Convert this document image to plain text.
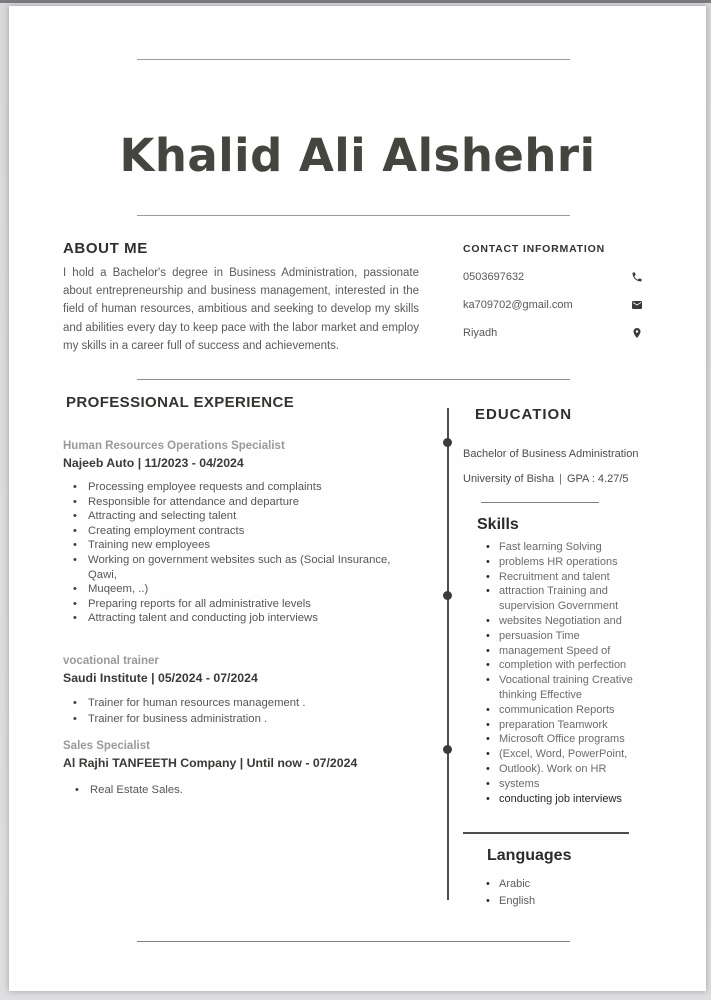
Khalid Ali Alshehri
ABOUT ME

I hold a Bachelor's degree in Business Administration, passionate about entrepreneurship and business management, interested in the field of human resources, ambitious and seeking to develop my skills and abilities every day to keep pace with the labor market and employ my skills in a career full of success and achievements.

CONTACT INFORMATION
0503697632
ka709702@gmail.com
Riyadh
PROFESSIONAL EXPERIENCE

Human Resources Operations Specialist

Najeeb Auto | 11/2023 - 04/2024

• Processing employee requests and complaints
• Responsible for attendance and departure
• Attracting and selecting talent
• Creating employment contracts
• Training new employees
• Working on government websites such as (Social Insurance, Qawi,
• Muqeem, ..)
• Preparing reports for all administrative levels
• Attracting talent and conducting job interviews

vocational trainer

Saudi Institute | 05/2024 - 07/2024

• Trainer for human resources management .
• Trainer for business administration .

Sales Specialist

Al Rajhi TANFEETH Company | Until now - 07/2024

• Real Estate Sales.
EDUCATION

Bachelor of Business Administration

University of Bisha | GPA : 4.27/5

Skills
• Fast learning Solving
• problems HR operations
• Recruitment and talent
• attraction Training and supervision Government
• websites Negotiation and
• persuasion Time
• management Speed of
• completion with perfection
• Vocational training Creative thinking Effective
• communication Reports
• preparation Teamwork
• Microsoft Office programs
• (Excel, Word, PowerPoint,
• Outlook). Work on HR
• systems
• conducting job interviews
Languages
• Arabic
• English
